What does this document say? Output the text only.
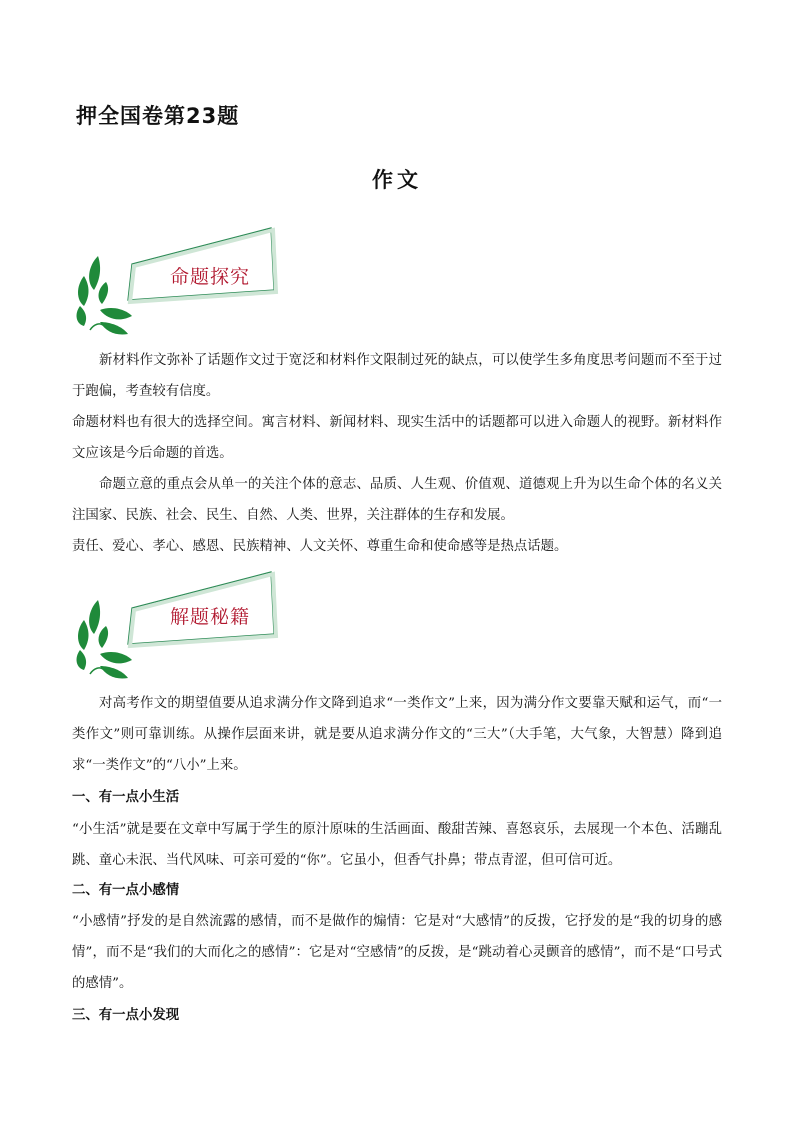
押全国卷第23题
作文
命题探究

新材料作文弥补了话题作文过于宽泛和材料作文限制过死的缺点，可以使学生多角度思考问题而不至于过于跑偏，考查较有信度。

命题材料也有很大的选择空间。寓言材料、新闻材料、现实生活中的话题都可以进入命题人的视野。新材料作文应该是今后命题的首选。

命题立意的重点会从单一的关注个体的意志、品质、人生观、价值观、道德观上升为以生命个体的名义关注国家、民族、社会、民生、自然、人类、世界，关注群体的生存和发展。

责任、爱心、孝心、感恩、民族精神、人文关怀、尊重生命和使命感等是热点话题。

解题秘籍

对高考作文的期望值要从追求满分作文降到追求“一类作文”上来，因为满分作文要靠天赋和运气，而“一类作文”则可靠训练。从操作层面来讲，就是要从追求满分作文的“三大”（大手笔，大气象，大智慧）降到追求“一类作文”的“八小”上来。

一、有一点小生活

“小生活”就是要在文章中写属于学生的原汁原味的生活画面、酸甜苦辣、喜怒哀乐，去展现一个本色、活蹦乱跳、童心未泯、当代风味、可亲可爱的“你”。它虽小，但香气扑鼻；带点青涩，但可信可近。

二、有一点小感情

“小感情”抒发的是自然流露的感情，而不是做作的煽情：它是对“大感情”的反拨，它抒发的是“我的切身的感情”，而不是“我们的大而化之的感情”：它是对“空感情”的反拨，是“跳动着心灵颤音的感情”，而不是“口号式的感情”。

三、有一点小发现
